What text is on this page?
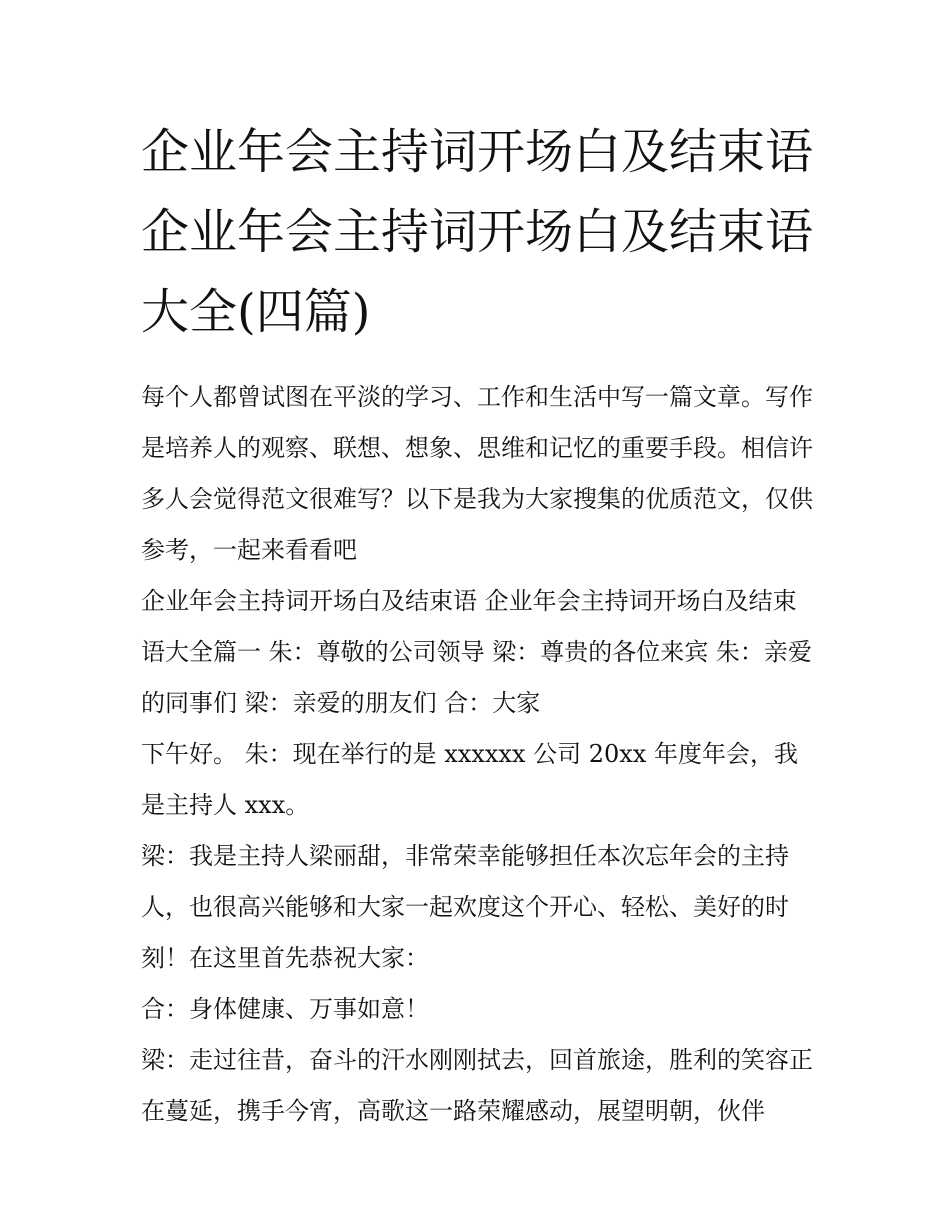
企业年会主持词开场白及结束语 企业年会主持词开场白及结束语大全(四篇)

每个人都曾试图在平淡的学习、工作和生活中写一篇文章。写作是培养人的观察、联想、想象、思维和记忆的重要手段。相信许多人会觉得范文很难写？以下是我为大家搜集的优质范文，仅供参考，一起来看看吧

企业年会主持词开场白及结束语 企业年会主持词开场白及结束语大全篇一 朱：尊敬的公司领导 梁：尊贵的各位来宾 朱：亲爱的同事们 梁：亲爱的朋友们 合：大家

下午好。 朱：现在举行的是 xxxxxx 公司 20xx 年度年会，我是主持人 xxx。

梁：我是主持人梁丽甜，非常荣幸能够担任本次忘年会的主持人，也很高兴能够和大家一起欢度这个开心、轻松、美好的时刻！在这里首先恭祝大家：

合：身体健康、万事如意！

梁：走过往昔，奋斗的汗水刚刚拭去，回首旅途，胜利的笑容正在蔓延，携手今宵，高歌这一路荣耀感动，展望明朝，伙伴
